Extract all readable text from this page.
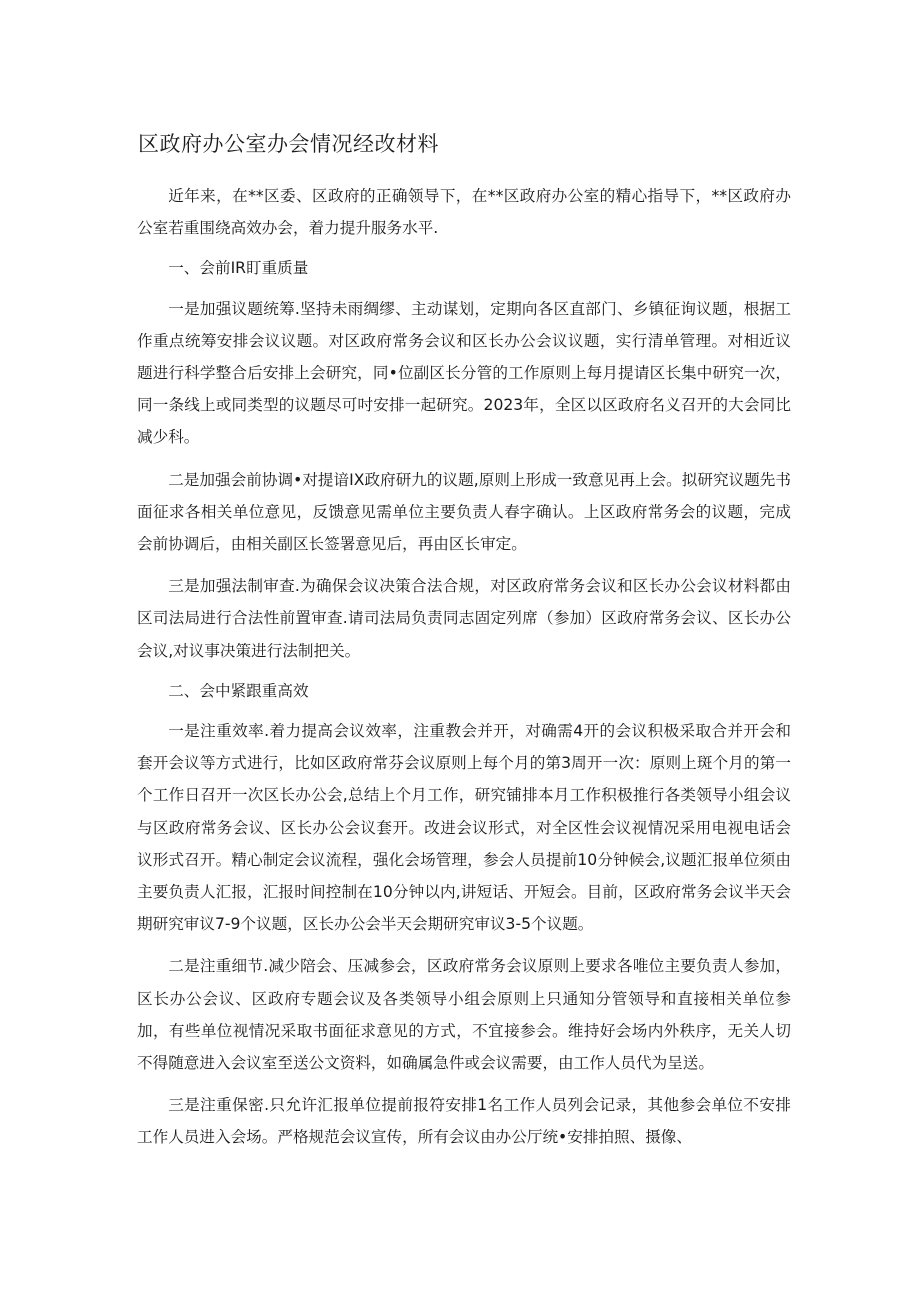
区政府办公室办会情况经改材料

近年来，在**区委、区政府的正确领导下，在**区政府办公室的精心指导下，**区政府办公室若重围绕高效办会，着力提升服务水平.

一、会前IR盯重质量

一是加强议题统筹.坚持未雨绸缪、主动谋划，定期向各区直部门、乡镇征询议题，根据工作重点统筹安排会议议题。对区政府常务会议和区长办公会议议题，实行清单管理。对相近议题进行科学整合后安排上会研究，同•位副区长分管的工作原则上每月提请区长集中研究一次，同一条线上或同类型的议题尽可吋安排一起研究。2023年，全区以区政府名义召开的大会同比减少科。

二是加强会前协调•对提谙IX政府研九的议题,原则上形成一致意见再上会。拟研究议题先书面征求各相关单位意见，反馈意见需单位主要负责人春字确认。上区政府常务会的议题，完成会前协调后，由相关副区长签署意见后，再由区长审定。

三是加强法制审查.为确保会议决策合法合规，对区政府常务会议和区长办公会议材料都由区司法局进行合法性前置审查.请司法局负责同志固定列席（参加）区政府常务会议、区长办公会议,对议事决策进行法制把关。

二、会中紧跟重高效

一是注重效率.着力提高会议效率，注重教会并开，对确需4开的会议积极采取合并开会和套开会议等方式进行，比如区政府常芬会议原则上每个月的第3周开一次：原则上斑个月的第一个工作日召开一次区长办公会,总结上个月工作，研究铺排本月工作积极推行各类领导小组会议与区政府常务会议、区长办公会议套开。改进会议形式，对全区性会议视情况采用电视电话会议形式召开。精心制定会议流程，强化会场管理，参会人员提前10分钟候会,议题汇报单位须由主要负责人汇报，汇报时间控制在10分钟以内,讲短话、开短会。目前，区政府常务会议半天会期研究审议7-9个议题，区长办公会半天会期研究审议3-5个议题。

二是注重细节.减少陪会、压减参会，区政府常务会议原则上要求各唯位主要负责人参加，区长办公会议、区政府专题会议及各类领导小组会原则上只通知分管领导和直接相关单位参加，有些单位视情况采取书面征求意见的方式，不宜接参会。维持好会场内外秩序，无关人切不得随意进入会议室至送公文资料，如确属急件或会议需要，由工作人员代为呈送。

三是注重保密.只允许汇报单位提前报符安排1名工作人员列会记录，其他参会单位不安排工作人员进入会场。严格规范会议宣传，所有会议由办公厅统•安排拍照、摄像、
